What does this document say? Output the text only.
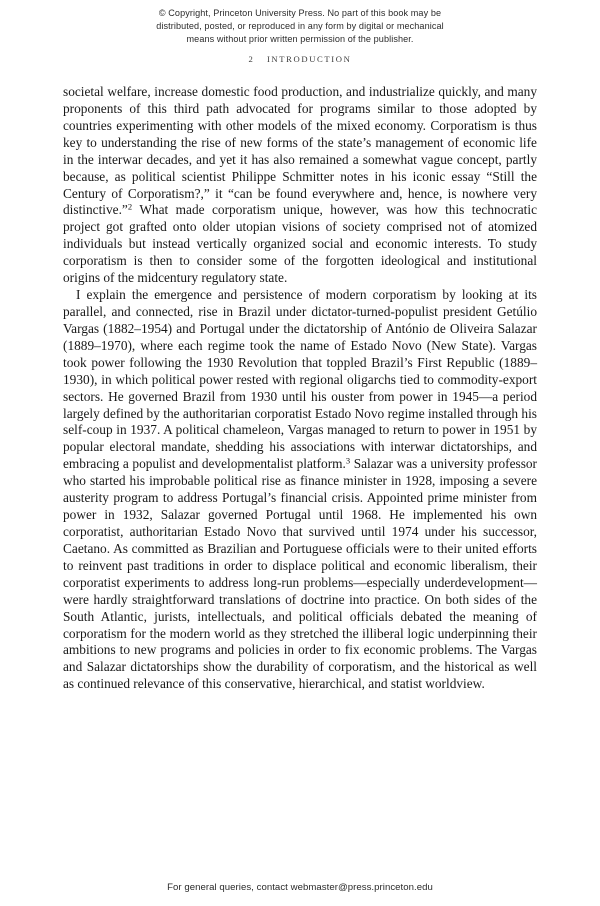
© Copyright, Princeton University Press. No part of this book may be
distributed, posted, or reproduced in any form by digital or mechanical
means without prior written permission of the publisher.
2 INTRODUCTION

societal welfare, increase domestic food production, and industrialize quickly, and many proponents of this third path advocated for programs similar to those adopted by countries experimenting with other models of the mixed economy. Corporatism is thus key to understanding the rise of new forms of the state’s management of economic life in the interwar decades, and yet it has also remained a somewhat vague concept, partly because, as political scientist Philippe Schmitter notes in his iconic essay “Still the Century of Corporatism?,” it “can be found everywhere and, hence, is nowhere very distinctive.”$^2$ What made corporatism unique, however, was how this technocratic project got grafted onto older utopian visions of society comprised not of atomized individuals but instead vertically organized social and economic interests. To study corporatism is then to consider some of the forgotten ideological and institutional origins of the midcentury regulatory state.

I explain the emergence and persistence of modern corporatism by looking at its parallel, and connected, rise in Brazil under dictator-turned-populist president Getúlio Vargas (1882–1954) and Portugal under the dictatorship of António de Oliveira Salazar (1889–1970), where each regime took the name of Estado Novo (New State). Vargas took power following the 1930 Revolution that toppled Brazil’s First Republic (1889–1930), in which political power rested with regional oligarchs tied to commodity-export sectors. He governed Brazil from 1930 until his ouster from power in 1945—a period largely defined by the authoritarian corporatist Estado Novo regime installed through his self-coup in 1937. A political chameleon, Vargas managed to return to power in 1951 by popular electoral mandate, shedding his associations with interwar dictatorships, and embracing a populist and developmentalist platform.$^3$ Salazar was a university professor who started his improbable political rise as finance minister in 1928, imposing a severe austerity program to address Portugal’s financial crisis. Appointed prime minister from power in 1932, Salazar governed Portugal until 1968. He implemented his own corporatist, authoritarian Estado Novo that survived until 1974 under his successor, Caetano. As committed as Brazilian and Portuguese officials were to their united efforts to reinvent past traditions in order to displace political and economic liberalism, their corporatist experiments to address long-run problems—especially underdevelopment—were hardly straightforward translations of doctrine into practice. On both sides of the South Atlantic, jurists, intellectuals, and political officials debated the meaning of corporatism for the modern world as they stretched the illiberal logic underpinning their ambitions to new programs and policies in order to fix economic problems. The Vargas and Salazar dictatorships show the durability of corporatism, and the historical as well as continued relevance of this conservative, hierarchical, and statist worldview.

For general queries, contact webmaster@press.princeton.edu
